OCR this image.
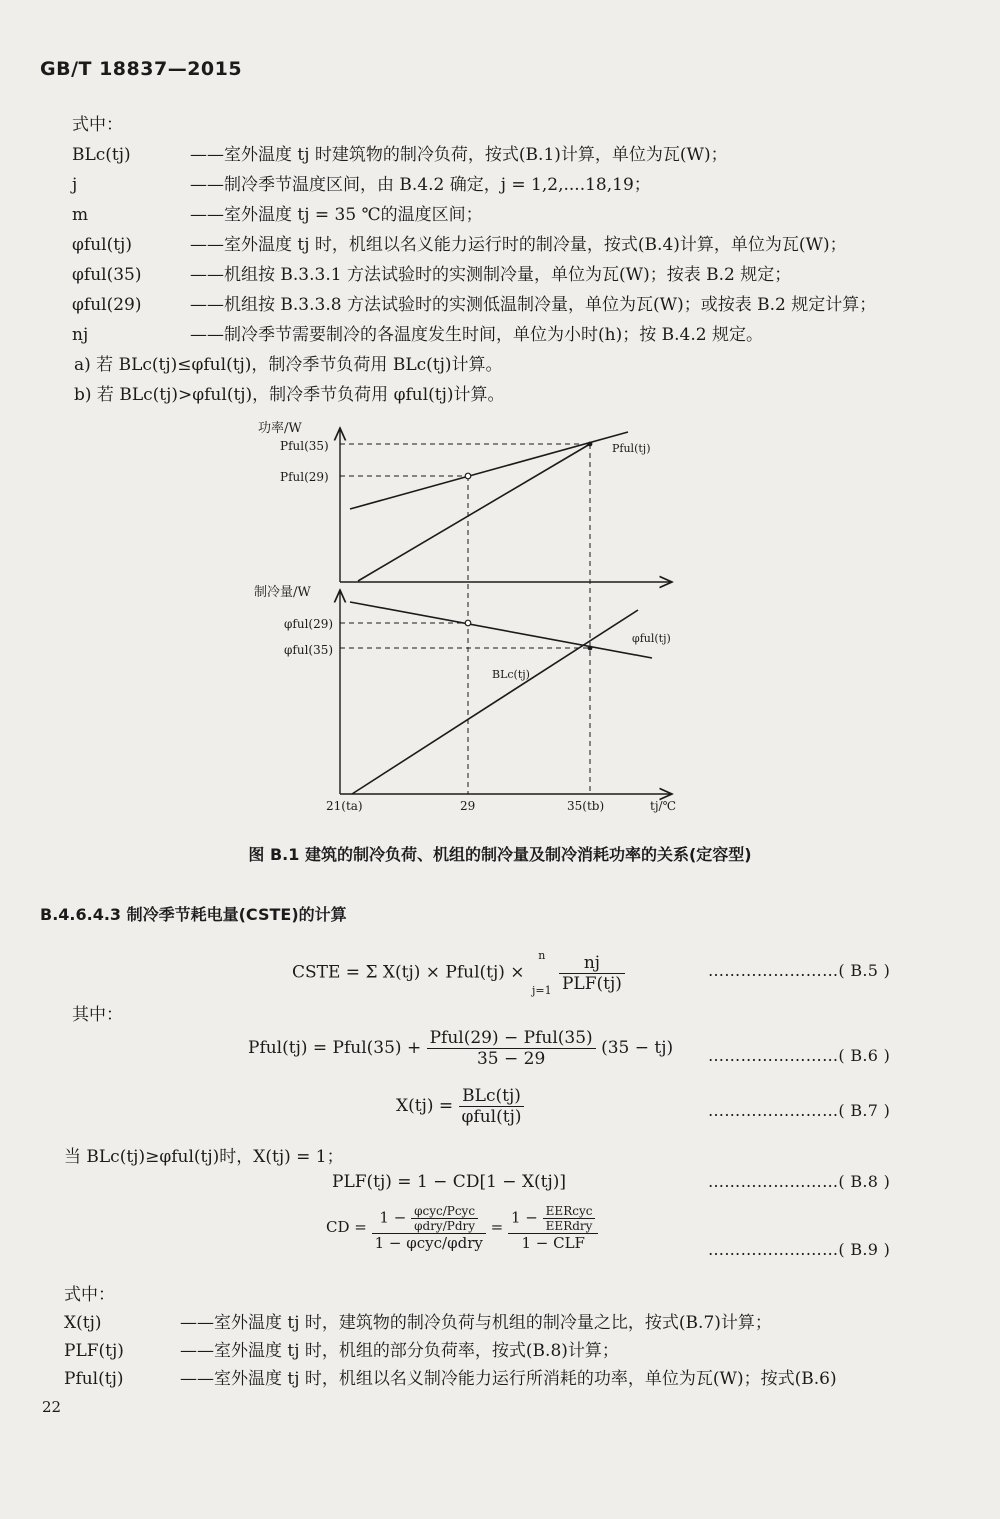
GB/T 18837—2015
式中：
BLc(tj)	——室外温度 tj 时建筑物的制冷负荷，按式(B.1)计算，单位为瓦(W)；
j	——制冷季节温度区间，由 B.4.2 确定，j = 1,2,....18,19；
m	——室外温度 tj = 35 ℃的温度区间；
φful(tj)	——室外温度 tj 时，机组以名义能力运行时的制冷量，按式(B.4)计算，单位为瓦(W)；
φful(35)	——机组按 B.3.3.1 方法试验时的实测制冷量，单位为瓦(W)；按表 B.2 规定；
φful(29)	——机组按 B.3.3.8 方法试验时的实测低温制冷量，单位为瓦(W)；或按表 B.2 规定计算；
nj	——制冷季节需要制冷的各温度发生时间，单位为小时(h)；按 B.4.2 规定。
a) 若 BLc(tj)≤φful(tj)，制冷季节负荷用 BLc(tj)计算。
b) 若 BLc(tj)>φful(tj)，制冷季节负荷用 φful(tj)计算。
功率/W
Pful(35)
Pful(29)
Pful(tj)
制冷量/W
φful(29)
φful(35)
φful(tj)
BLc(tj)
21(ta)	29	35(tb)	tj/℃
图 B.1 建筑的制冷负荷、机组的制冷量及制冷消耗功率的关系(定容型)
B.4.6.4.3 制冷季节耗电量(CSTE)的计算
CSTE = Σ X(tj) × Pful(tj) ×
n
j=1
$\frac{nj}{\text{PLF(tj)}}$	……………………( B.5 )
其中：
Pful(tj) = Pful(35) + $\frac{\text{Pful(29) − Pful(35)}}{35 - 29} (35 - tj)$ ……………………( B.6 )
$X(tj) = \frac{\text{BLc(tj)}}{\text{φful(tj)}}$	……………………( B.7 )
当 BLc(tj)≥φful(tj)时，X(tj) = 1；
PLF(tj) = 1 − CD[1 − X(tj)]	……………………( B.8 )
CD = $\frac{1 - \frac{\text{φcyc/Pcyc}}{\text{φdry/Pdry}}}{\text{1 − φcyc/φdry}} = \frac{1 - \frac{\text{EERcyc}}{\text{EERdry}}}{\text{1 − CLF}}$	……………………( B.9 )
式中：
X(tj)	——室外温度 tj 时，建筑物的制冷负荷与机组的制冷量之比，按式(B.7)计算；
PLF(tj)	——室外温度 tj 时，机组的部分负荷率，按式(B.8)计算；
Pful(tj)	——室外温度 tj 时，机组以名义制冷能力运行所消耗的功率，单位为瓦(W)；按式(B.6)
22
